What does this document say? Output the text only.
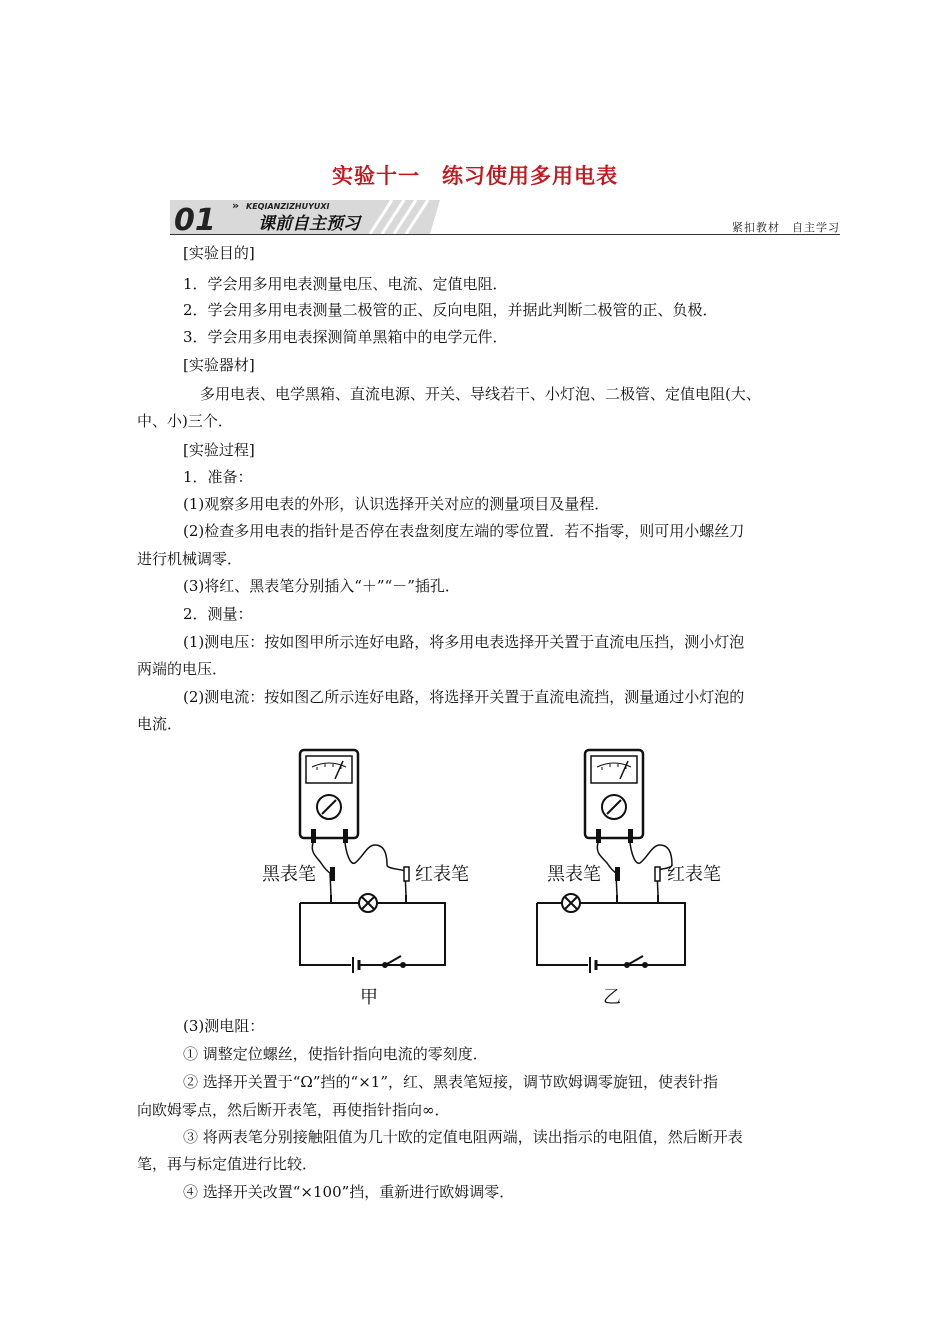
实验十一　练习使用多用电表
01 » KEQIANZIZHUYUXI
课前自主预习	紧扣教材　自主学习
[实验目的]
1．学会用多用电表测量电压、电流、定值电阻．
2．学会用多用电表测量二极管的正、反向电阻，并据此判断二极管的正、负极．
3．学会用多用电表探测简单黑箱中的电学元件．
[实验器材]
多用电表、电学黑箱、直流电源、开关、导线若干、小灯泡、二极管、定值电阻(大、
中、小)三个．
[实验过程]
1．准备：
(1)观察多用电表的外形，认识选择开关对应的测量项目及量程．
(2)检查多用电表的指针是否停在表盘刻度左端的零位置．若不指零，则可用小螺丝刀
进行机械调零．
(3)将红、黑表笔分别插入“＋”“－”插孔．
2．测量：
(1)测电压：按如图甲所示连好电路，将多用电表选择开关置于直流电压挡，测小灯泡
两端的电压．
(2)测电流：按如图乙所示连好电路，将选择开关置于直流电流挡，测量通过小灯泡的
电流．
黑表笔	红表笔	黑表笔	红表笔
甲	乙
(3)测电阻：
① 调整定位螺丝，使指针指向电流的零刻度．
② 选择开关置于“Ω”挡的“×1”，红、黑表笔短接，调节欧姆调零旋钮，使表针指
向欧姆零点，然后断开表笔，再使指针指向∞．
③ 将两表笔分别接触阻值为几十欧的定值电阻两端，读出指示的电阻值，然后断开表
笔，再与标定值进行比较．
④ 选择开关改置“×100”挡，重新进行欧姆调零．
